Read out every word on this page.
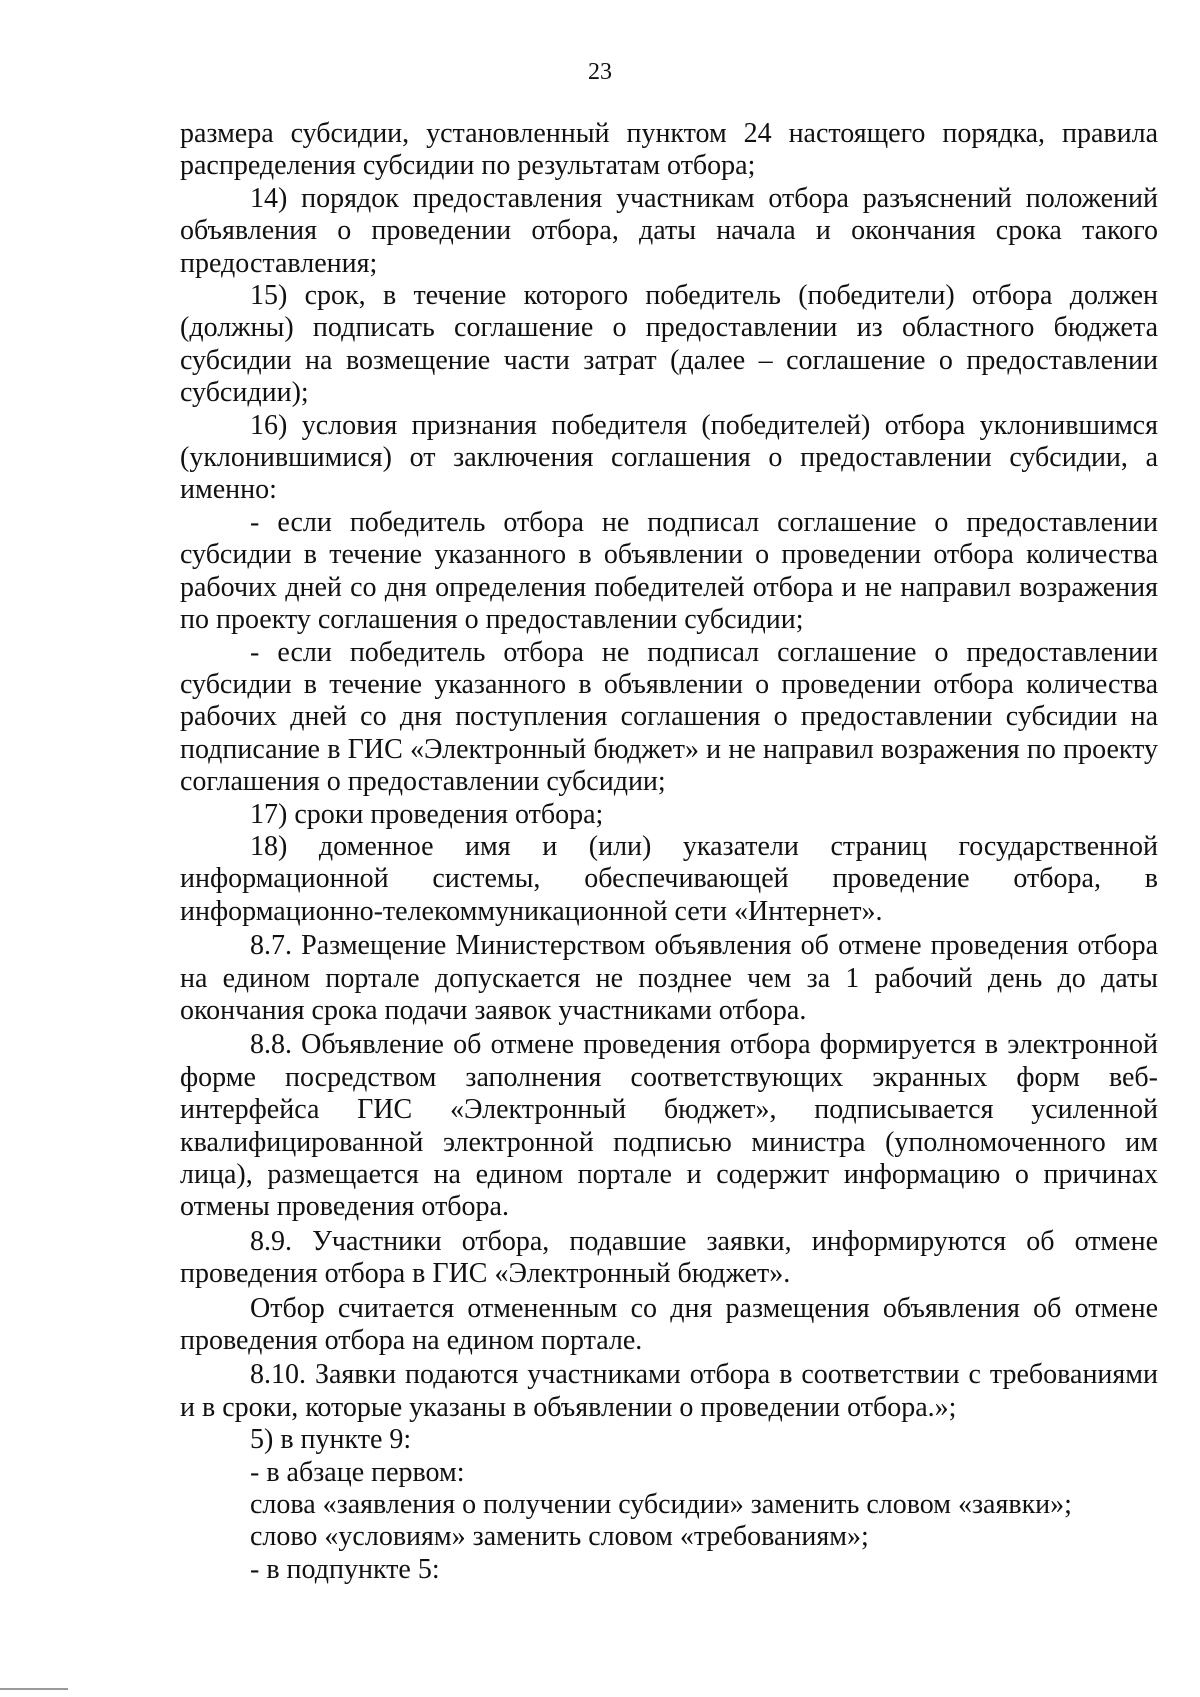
23

размера субсидии, установленный пунктом 24 настоящего порядка, правила распределения субсидии по результатам отбора;

14) порядок предоставления участникам отбора разъяснений положений объявления о проведении отбора, даты начала и окончания срока такого предоставления;

15) срок, в течение которого победитель (победители) отбора должен (должны) подписать соглашение о предоставлении из областного бюджета субсидии на возмещение части затрат (далее – соглашение о предоставлении субсидии);

16) условия признания победителя (победителей) отбора уклонившимся (уклонившимися) от заключения соглашения о предоставлении субсидии, а именно:

- если победитель отбора не подписал соглашение о предоставлении субсидии в течение указанного в объявлении о проведении отбора количества рабочих дней со дня определения победителей отбора и не направил возражения по проекту соглашения о предоставлении субсидии;

- если победитель отбора не подписал соглашение о предоставлении субсидии в течение указанного в объявлении о проведении отбора количества рабочих дней со дня поступления соглашения о предоставлении субсидии на подписание в ГИС «Электронный бюджет» и не направил возражения по проекту соглашения о предоставлении субсидии;

17) сроки проведения отбора;

18) доменное имя и (или) указатели страниц государственной информационной системы, обеспечивающей проведение отбора, в информационно-телекоммуникационной сети «Интернет».

8.7. Размещение Министерством объявления об отмене проведения отбора на едином портале допускается не позднее чем за 1 рабочий день до даты окончания срока подачи заявок участниками отбора.

8.8. Объявление об отмене проведения отбора формируется в электронной форме посредством заполнения соответствующих экранных форм веб-интерфейса ГИС «Электронный бюджет», подписывается усиленной квалифицированной электронной подписью министра (уполномоченного им лица), размещается на едином портале и содержит информацию о причинах отмены проведения отбора.

8.9. Участники отбора, подавшие заявки, информируются об отмене проведения отбора в ГИС «Электронный бюджет».

Отбор считается отмененным со дня размещения объявления об отмене проведения отбора на едином портале.

8.10. Заявки подаются участниками отбора в соответствии с требованиями и в сроки, которые указаны в объявлении о проведении отбора.»;

5) в пункте 9:

- в абзаце первом:

слова «заявления о получении субсидии» заменить словом «заявки»;

слово «условиям» заменить словом «требованиям»;

- в подпункте 5:
